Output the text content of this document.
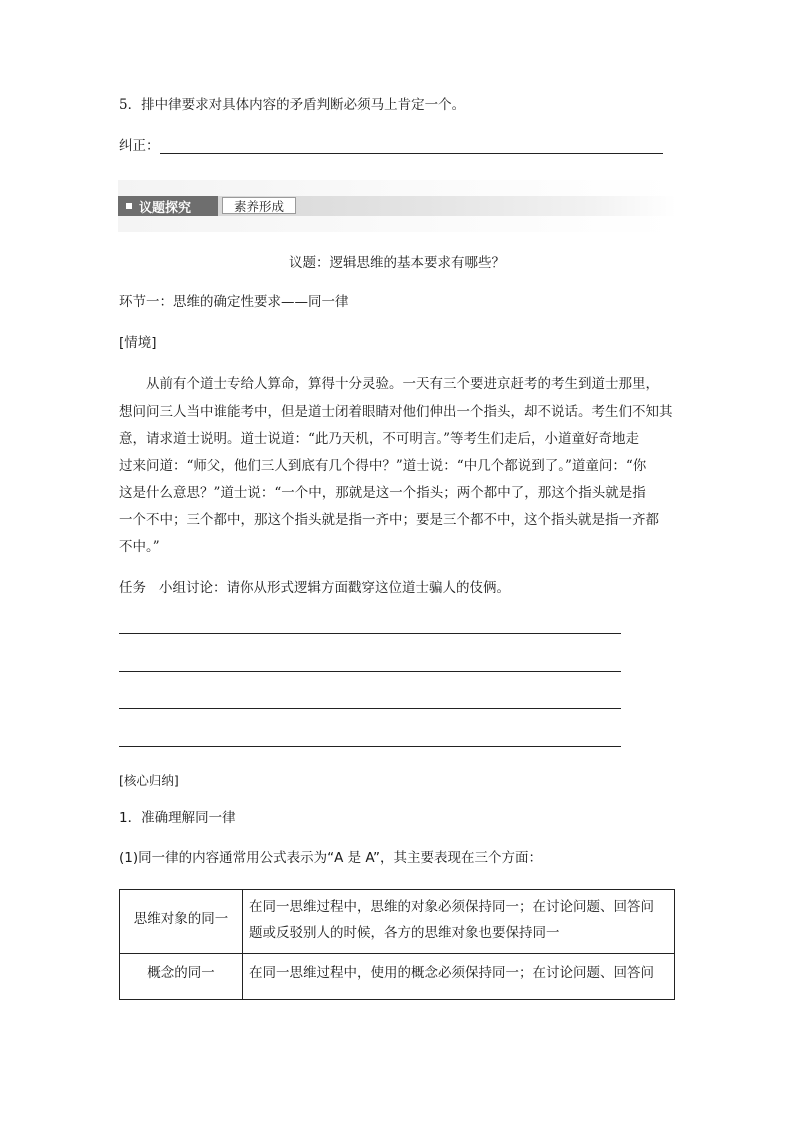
5．排中律要求对具体内容的矛盾判断必须马上肯定一个。
纠正：
议题探究	素养形成
议题：逻辑思维的基本要求有哪些？
环节一：思维的确定性要求——同一律
[情境]
从前有个道士专给人算命，算得十分灵验。一天有三个要进京赶考的考生到道士那里，
想问问三人当中谁能考中，但是道士闭着眼睛对他们伸出一个指头，却不说话。考生们不知其
意，请求道士说明。道士说道：“此乃天机，不可明言。”等考生们走后，小道童好奇地走
过来问道：“师父，他们三人到底有几个得中？”道士说：“中几个都说到了。”道童问：“你
这是什么意思？”道士说：“一个中，那就是这一个指头；两个都中了，那这个指头就是指
一个不中；三个都中，那这个指头就是指一齐中；要是三个都不中，这个指头就是指一齐都
不中。”
任务 小组讨论：请你从形式逻辑方面戳穿这位道士骗人的伎俩。
[核心归纳]
1．准确理解同一律
(1)同一律的内容通常用公式表示为“A 是 A”，其主要表现在三个方面：
思维对象的同一	在同一思维过程中，思维的对象必须保持同一；在讨论问题、回答问
题或反驳别人的时候，各方的思维对象也要保持同一

概念的同一	在同一思维过程中，使用的概念必须保持同一；在讨论问题、回答问
